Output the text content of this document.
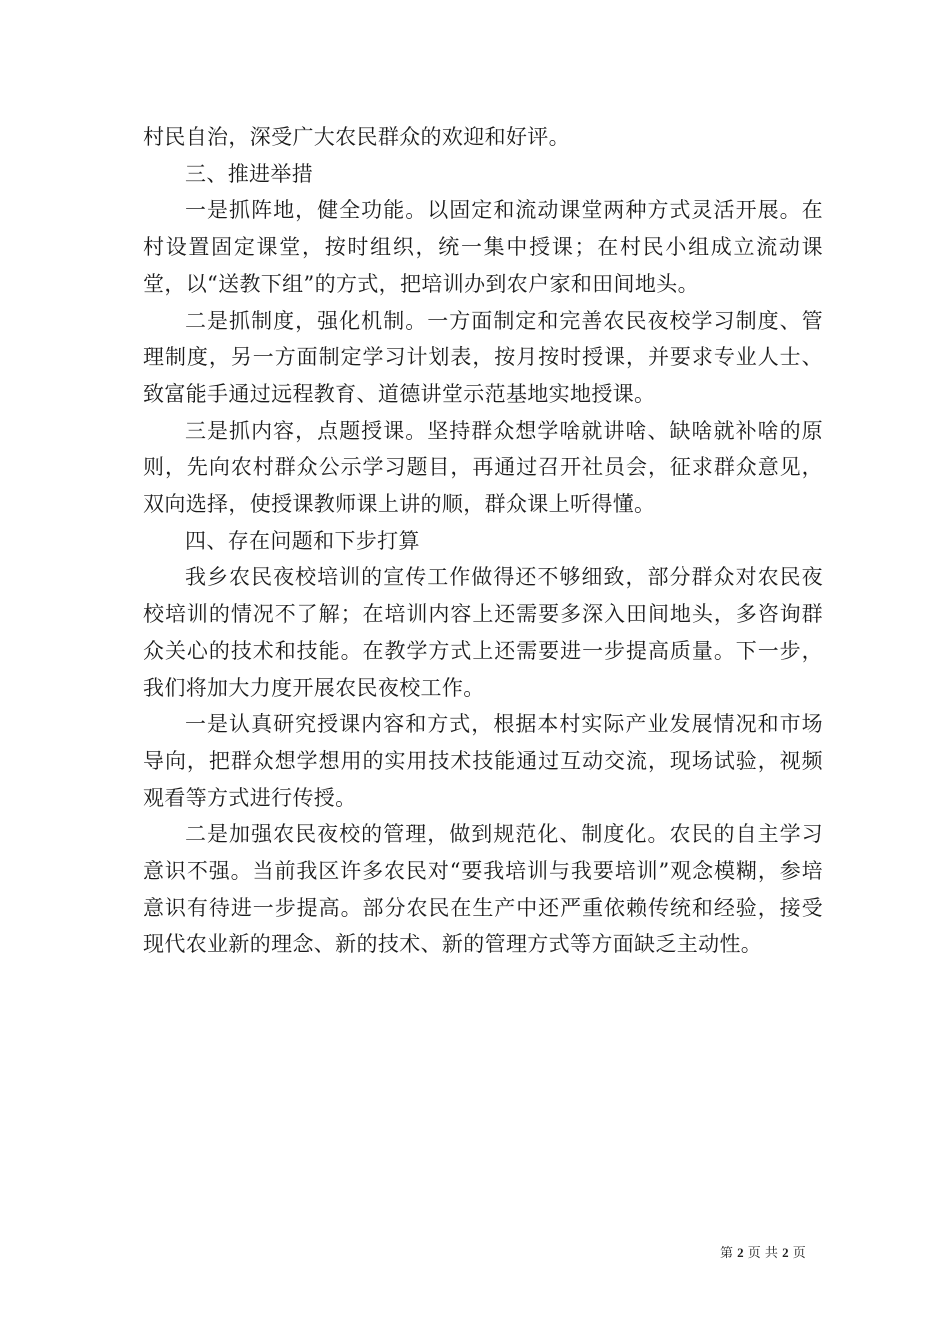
村民自治，深受广大农民群众的欢迎和好评。

三、推进举措

一是抓阵地，健全功能。以固定和流动课堂两种方式灵活开展。在村设置固定课堂，按时组织，统一集中授课；在村民小组成立流动课堂，以“送教下组”的方式，把培训办到农户家和田间地头。

二是抓制度，强化机制。一方面制定和完善农民夜校学习制度、管理制度，另一方面制定学习计划表，按月按时授课，并要求专业人士、致富能手通过远程教育、道德讲堂示范基地实地授课。

三是抓内容，点题授课。坚持群众想学啥就讲啥、缺啥就补啥的原则，先向农村群众公示学习题目，再通过召开社员会，征求群众意见，双向选择，使授课教师课上讲的顺，群众课上听得懂。

四、存在问题和下步打算

我乡农民夜校培训的宣传工作做得还不够细致，部分群众对农民夜校培训的情况不了解；在培训内容上还需要多深入田间地头，多咨询群众关心的技术和技能。在教学方式上还需要进一步提高质量。下一步，我们将加大力度开展农民夜校工作。

一是认真研究授课内容和方式，根据本村实际产业发展情况和市场导向，把群众想学想用的实用技术技能通过互动交流，现场试验，视频观看等方式进行传授。

二是加强农民夜校的管理，做到规范化、制度化。农民的自主学习意识不强。当前我区许多农民对“要我培训与我要培训”观念模糊，参培意识有待进一步提高。部分农民在生产中还严重依赖传统和经验，接受现代农业新的理念、新的技术、新的管理方式等方面缺乏主动性。

第 2 页 共 2 页
